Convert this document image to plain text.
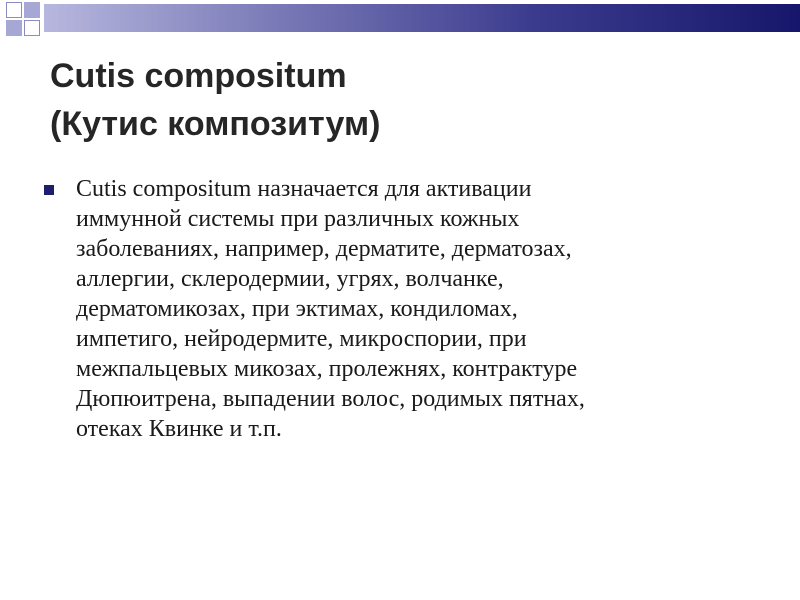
Cutis compositum
(Кутис композитум)
Cutis compositum назначается для активации
иммунной системы при различных кожных
заболеваниях, например, дерматите, дерматозах,
аллергии, склеродермии, угрях, волчанке,
дерматомикозах, при эктимах, кондиломах,
импетиго, нейродермите, микроспории, при
межпальцевых микозах, пролежнях, контрактуре
Дюпюитрена, выпадении волос, родимых пятнах,
отеках Квинке и т.п.
